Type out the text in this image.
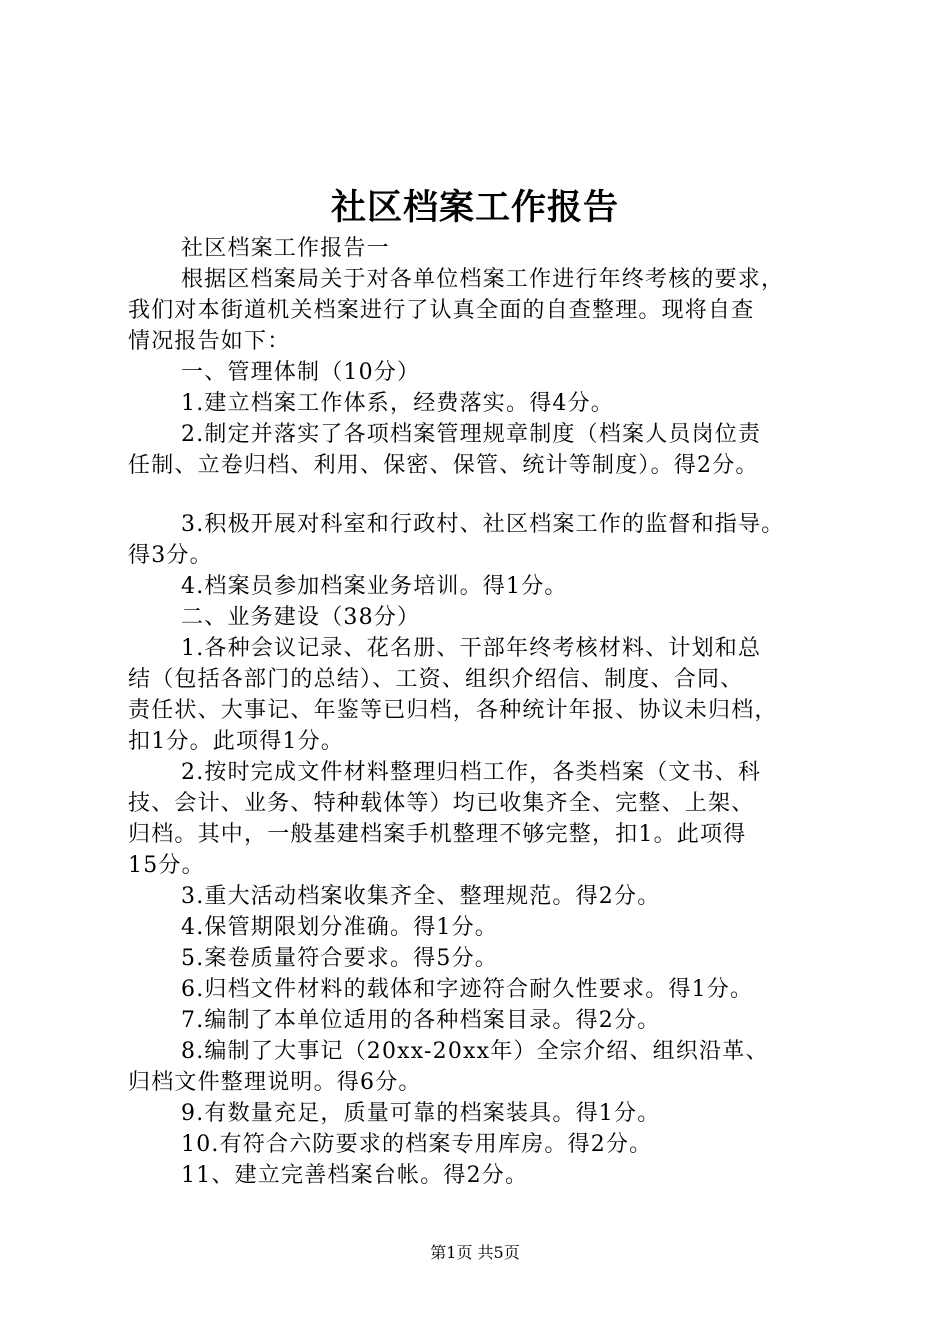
社区档案工作报告
社区档案工作报告一
根据区档案局关于对各单位档案工作进行年终考核的要求，
我们对本街道机关档案进行了认真全面的自查整理。现将自查
情况报告如下：
一、管理体制（10分）
1.建立档案工作体系，经费落实。得4分。
2.制定并落实了各项档案管理规章制度（档案人员岗位责
任制、立卷归档、利用、保密、保管、统计等制度）。得2分。
3.积极开展对科室和行政村、社区档案工作的监督和指导。
得3分。
4.档案员参加档案业务培训。得1分。
二、业务建设（38分）
1.各种会议记录、花名册、干部年终考核材料、计划和总
结（包括各部门的总结）、工资、组织介绍信、制度、合同、
责任状、大事记、年鉴等已归档，各种统计年报、协议未归档，
扣1分。此项得1分。
2.按时完成文件材料整理归档工作，各类档案（文书、科
技、会计、业务、特种载体等）均已收集齐全、完整、上架、
归档。其中，一般基建档案手机整理不够完整，扣1。此项得
15分。
3.重大活动档案收集齐全、整理规范。得2分。
4.保管期限划分准确。得1分。
5.案卷质量符合要求。得5分。
6.归档文件材料的载体和字迹符合耐久性要求。得1分。
7.编制了本单位适用的各种档案目录。得2分。
8.编制了大事记（20xx-20xx年）全宗介绍、组织沿革、
归档文件整理说明。得6分。
9.有数量充足，质量可靠的档案装具。得1分。
10.有符合六防要求的档案专用库房。得2分。
11、建立完善档案台帐。得2分。
第1页 共5页
